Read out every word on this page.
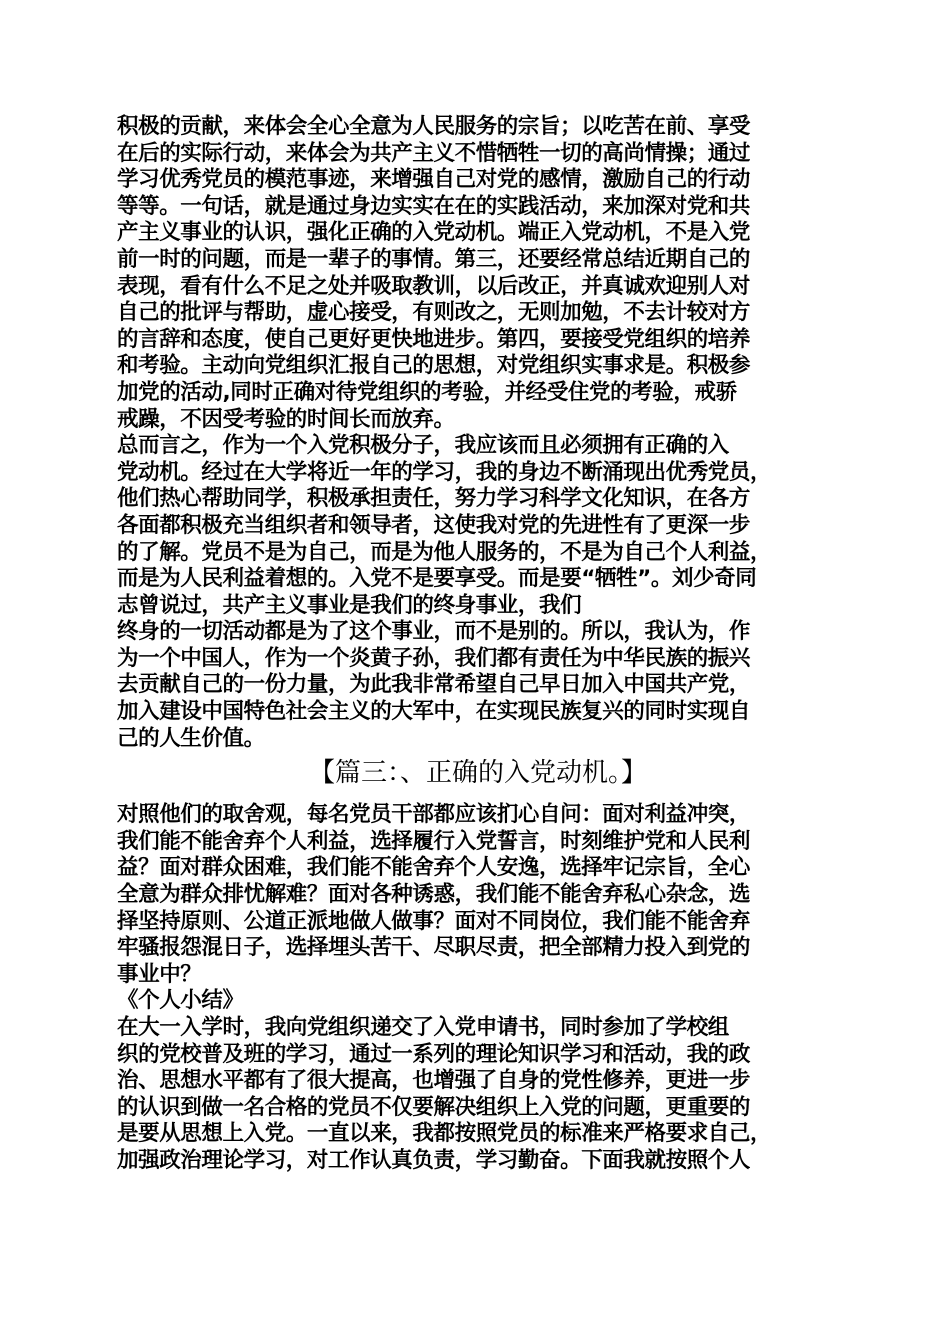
积极的贡献，来体会全心全意为人民服务的宗旨；以吃苦在前、享受
在后的实际行动，来体会为共产主义不惜牺牲一切的高尚情操；通过
学习优秀党员的模范事迹，来增强自己对党的感情，激励自己的行动
等等。一句话，就是通过身边实实在在的实践活动，来加深对党和共
产主义事业的认识，强化正确的入党动机。端正入党动机，不是入党
前一时的问题，而是一辈子的事情。第三，还要经常总结近期自己的
表现，看有什么不足之处并吸取教训，以后改正，并真诚欢迎别人对
自己的批评与帮助，虚心接受，有则改之，无则加勉，不去计较对方
的言辞和态度，使自己更好更快地进步。第四，要接受党组织的培养
和考验。主动向党组织汇报自己的思想，对党组织实事求是。积极参
加党的活动,同时正确对待党组织的考验，并经受住党的考验，戒骄
戒躁，不因受考验的时间长而放弃。
总而言之，作为一个入党积极分子，我应该而且必须拥有正确的入
党动机。经过在大学将近一年的学习，我的身边不断涌现出优秀党员，
他们热心帮助同学，积极承担责任，努力学习科学文化知识，在各方
各面都积极充当组织者和领导者，这使我对党的先进性有了更深一步
的了解。党员不是为自己，而是为他人服务的，不是为自己个人利益，
而是为人民利益着想的。入党不是要享受。而是要“牺牲”。刘少奇同
志曾说过，共产主义事业是我们的终身事业，我们
终身的一切活动都是为了这个事业，而不是别的。所以，我认为，作
为一个中国人，作为一个炎黄子孙，我们都有责任为中华民族的振兴
去贡献自己的一份力量，为此我非常希望自己早日加入中国共产党，
加入建设中国特色社会主义的大军中，在实现民族复兴的同时实现自
己的人生价值。
【篇三：、正确的入党动机。】
对照他们的取舍观，每名党员干部都应该扪心自问：面对利益冲突，
我们能不能舍弃个人利益，选择履行入党誓言，时刻维护党和人民利
益？面对群众困难，我们能不能舍弃个人安逸，选择牢记宗旨，全心
全意为群众排忧解难？面对各种诱惑，我们能不能舍弃私心杂念，选
择坚持原则、公道正派地做人做事？面对不同岗位，我们能不能舍弃
牢骚报怨混日子，选择埋头苦干、尽职尽责，把全部精力投入到党的
事业中？
《个人小结》
在大一入学时，我向党组织递交了入党申请书，同时参加了学校组
织的党校普及班的学习，通过一系列的理论知识学习和活动，我的政
治、思想水平都有了很大提高，也增强了自身的党性修养，更进一步
的认识到做一名合格的党员不仅要解决组织上入党的问题，更重要的
是要从思想上入党。一直以来，我都按照党员的标准来严格要求自己，
加强政治理论学习，对工作认真负责，学习勤奋。下面我就按照个人
